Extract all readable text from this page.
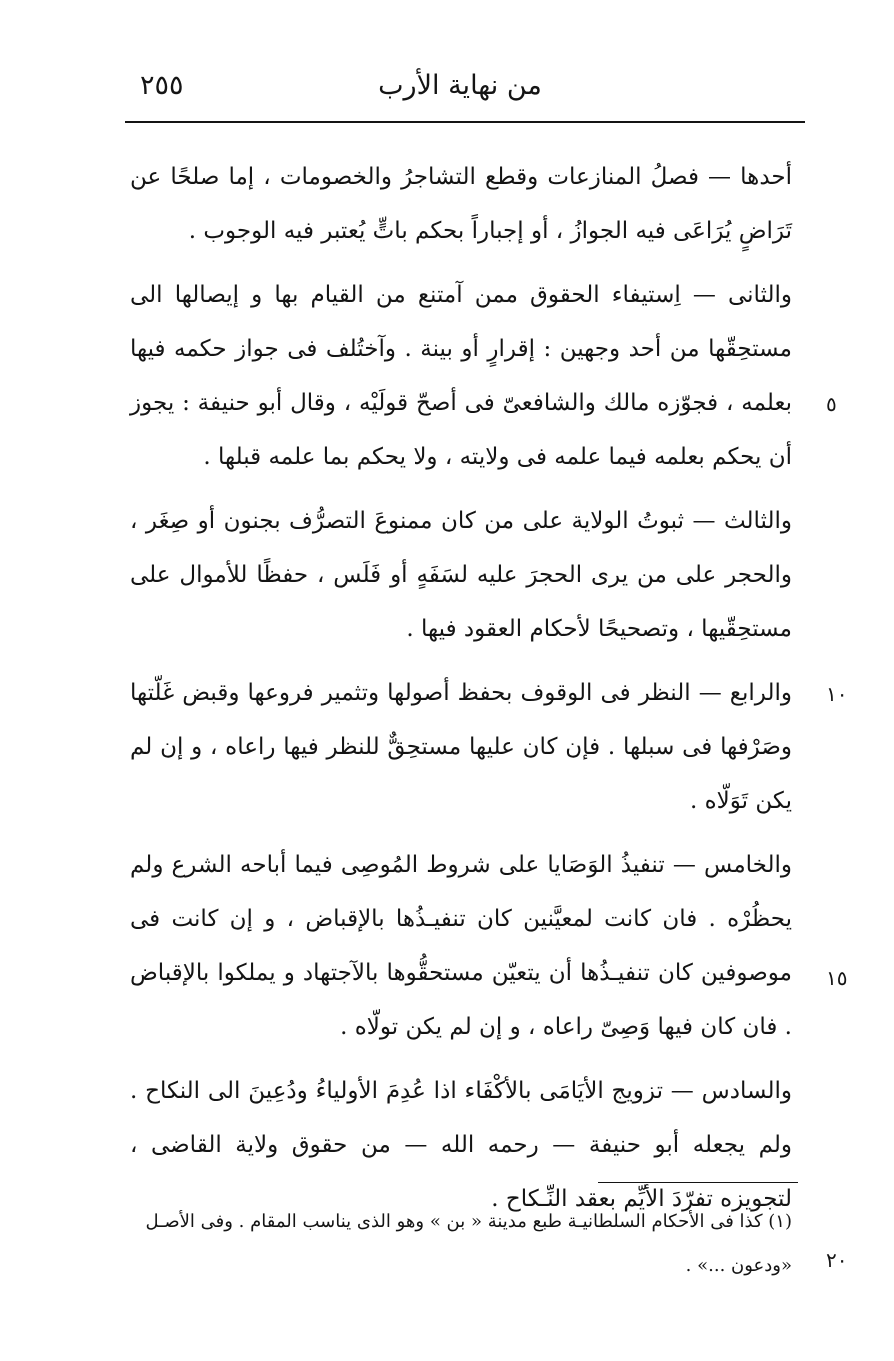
من نهاية الأرب
٢٥٥

أحدها — فصلُ المنازعات وقطع التشاجرُ والخصومات ، إما صلحًا عن تَرَاضٍ يُرَاعَى فيه الجوازُ ، أو إجباراً بحكم باتٍّ يُعتبر فيه الوجوب .

والثانى — اِستيفاء الحقوق ممن آمتنع من القيام بها و إيصالها الى مستحِقّها من أحد وجهين : إقرارٍ أو بينة . وآختُلف فى جواز حكمه فيها بعلمه ، فجوّزه مالك والشافعىّ فى أصحّ قولَيْه ، وقال أبو حنيفة : يجوز أن يحكم بعلمه فيما علمه فى ولايته ، ولا يحكم بما علمه قبلها .

والثالث — ثبوتُ الولاية على من كان ممنوعَ التصرُّف بجنون أو صِغَر ، والحجر على من يرى الحجرَ عليه لسَفَهٍ أو فَلَس ، حفظًا للأموال على مستحِقّيها ، وتصحيحًا لأحكام العقود فيها .

والرابع — النظر فى الوقوف بحفظ أصولها وتثمير فروعها وقبض غَلّتها وصَرْفها فى سبلها . فإن كان عليها مستحِقٌّ للنظر فيها راعاه ، و إن لم يكن تَوَلّاه .

والخامس — تنفيذُ الوَصَايا على شروط المُوصِى فيما أباحه الشرع ولم يحظُرْه . فان كانت لمعيَّنين كان تنفيـذُها بالإقباض ، و إن كانت فى موصوفين كان تنفيـذُها أن يتعيّن مستحقُّوها بالآجتهاد و يملكوا بالإقباض . فان كان فيها وَصِىّ راعاه ، و إن لم يكن تولّاه .

والسادس — تزويج الأيَامَى بالأكْفَاء اذا عُدِمَ الأولياءُ ودُعِينَ الى النكاح . ولم يجعله أبو حنيفة — رحمه الله — من حقوق ولاية القاضى ، لتجويزه تفرّدَ الأيِّم بعقد النِّـكاح .

٥
١٠
١٥
٢٠
(١) كذا فى الأحكام السلطانيـة طبع مدينة « بن » وهو الذى يناسب المقام . وفى الأصـل
«ودعون ...» .
